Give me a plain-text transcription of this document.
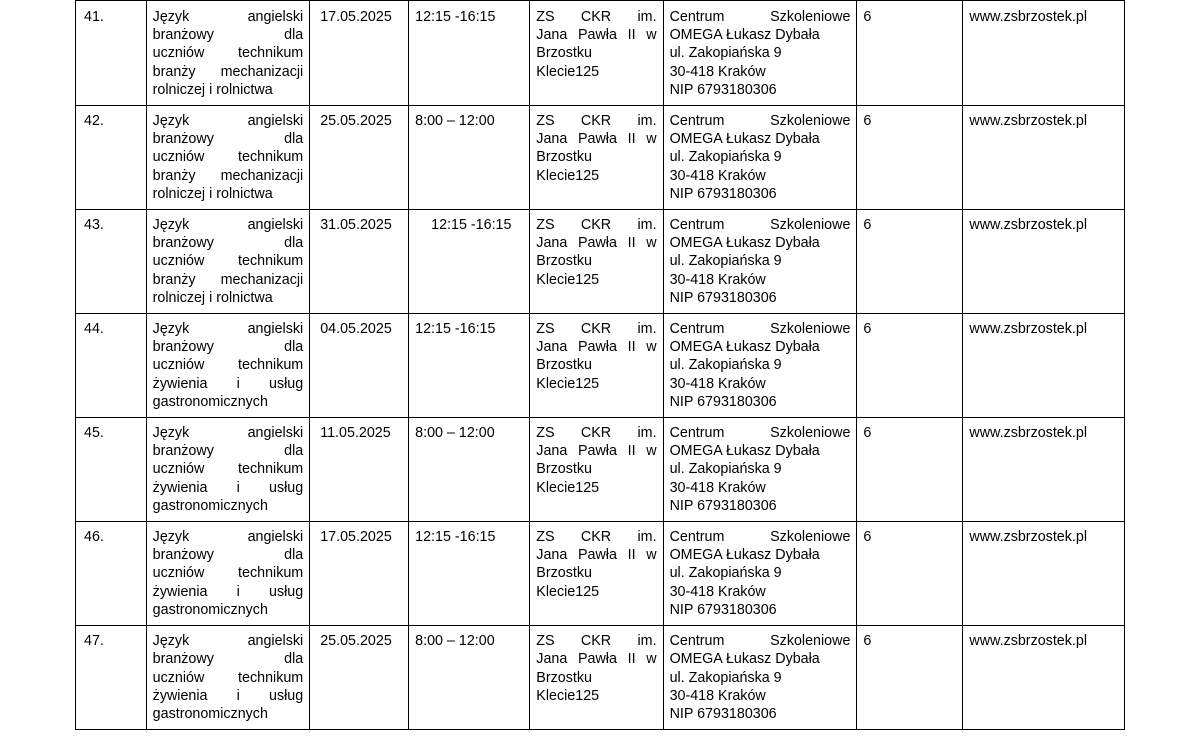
41.	Język angielski
branżowy dla
uczniów technikum
branży mechanizacji
rolniczej i rolnictwa	17.05.2025	12:15 -16:15	ZS CKR im.
Jana Pawła II w
Brzostku
Klecie125	Centrum Szkoleniowe
OMEGA Łukasz Dybała
ul. Zakopiańska 9
30-418 Kraków
NIP 6793180306	6	www.zsbrzostek.pl

42.	Język angielski
branżowy dla
uczniów technikum
branży mechanizacji
rolniczej i rolnictwa	25.05.2025	8:00 – 12:00	ZS CKR im.
Jana Pawła II w
Brzostku
Klecie125	Centrum Szkoleniowe
OMEGA Łukasz Dybała
ul. Zakopiańska 9
30-418 Kraków
NIP 6793180306	6	www.zsbrzostek.pl

43.	Język angielski
branżowy dla
uczniów technikum
branży mechanizacji
rolniczej i rolnictwa	31.05.2025	12:15 -16:15	ZS CKR im.
Jana Pawła II w
Brzostku
Klecie125	Centrum Szkoleniowe
OMEGA Łukasz Dybała
ul. Zakopiańska 9
30-418 Kraków
NIP 6793180306	6	www.zsbrzostek.pl

44.	Język angielski
branżowy dla
uczniów technikum
żywienia i usług
gastronomicznych	04.05.2025	12:15 -16:15	ZS CKR im.
Jana Pawła II w
Brzostku
Klecie125	Centrum Szkoleniowe
OMEGA Łukasz Dybała
ul. Zakopiańska 9
30-418 Kraków
NIP 6793180306	6	www.zsbrzostek.pl

45.	Język angielski
branżowy dla
uczniów technikum
żywienia i usług
gastronomicznych	11.05.2025	8:00 – 12:00	ZS CKR im.
Jana Pawła II w
Brzostku
Klecie125	Centrum Szkoleniowe
OMEGA Łukasz Dybała
ul. Zakopiańska 9
30-418 Kraków
NIP 6793180306	6	www.zsbrzostek.pl

46.	Język angielski
branżowy dla
uczniów technikum
żywienia i usług
gastronomicznych	17.05.2025	12:15 -16:15	ZS CKR im.
Jana Pawła II w
Brzostku
Klecie125	Centrum Szkoleniowe
OMEGA Łukasz Dybała
ul. Zakopiańska 9
30-418 Kraków
NIP 6793180306	6	www.zsbrzostek.pl

47.	Język angielski
branżowy dla
uczniów technikum
żywienia i usług
gastronomicznych	25.05.2025	8:00 – 12:00	ZS CKR im.
Jana Pawła II w
Brzostku
Klecie125	Centrum Szkoleniowe
OMEGA Łukasz Dybała
ul. Zakopiańska 9
30-418 Kraków
NIP 6793180306	6	www.zsbrzostek.pl
